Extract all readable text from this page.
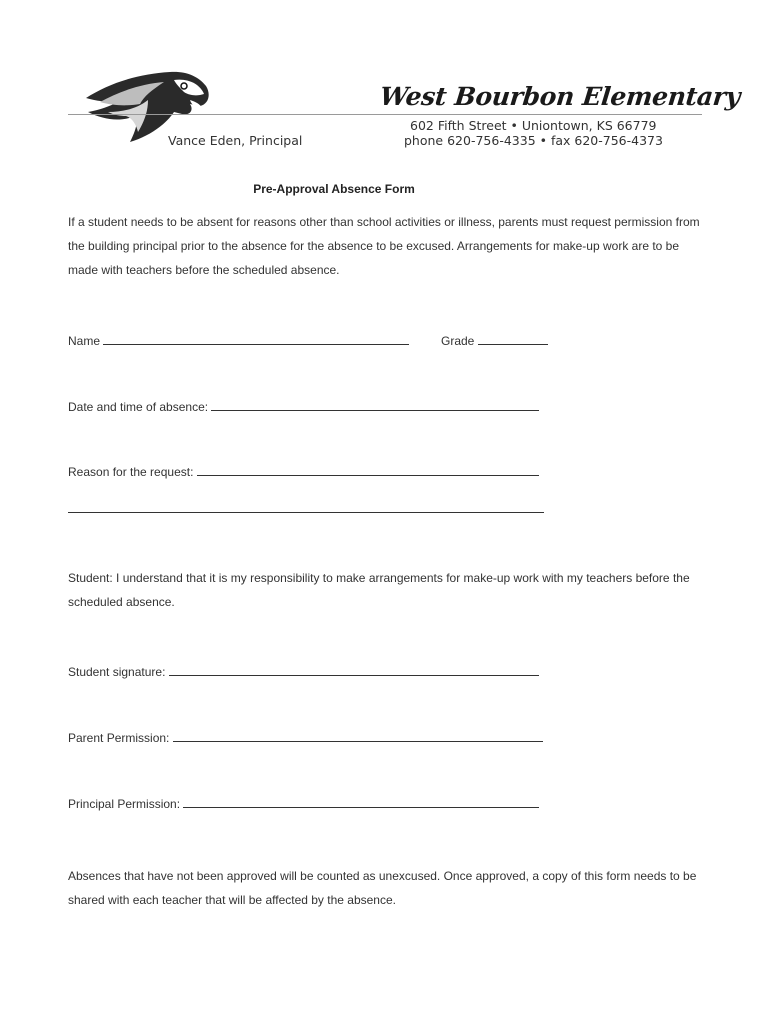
West Bourbon Elementary
Vance Eden, Principal
602 Fifth Street • Uniontown, KS 66779
phone 620-756-4335 • fax 620-756-4373
Pre-Approval Absence Form
If a student needs to be absent for reasons other than school activities or illness, parents must request permission from the building principal prior to the absence for the absence to be excused. Arrangements for make-up work are to be made with teachers before the scheduled absence.
Name	Grade
Date and time of absence:
Reason for the request:
Student: I understand that it is my responsibility to make arrangements for make-up work with my teachers before the scheduled absence.
Student signature:
Parent Permission:
Principal Permission:
Absences that have not been approved will be counted as unexcused. Once approved, a copy of this form needs to be shared with each teacher that will be affected by the absence.
